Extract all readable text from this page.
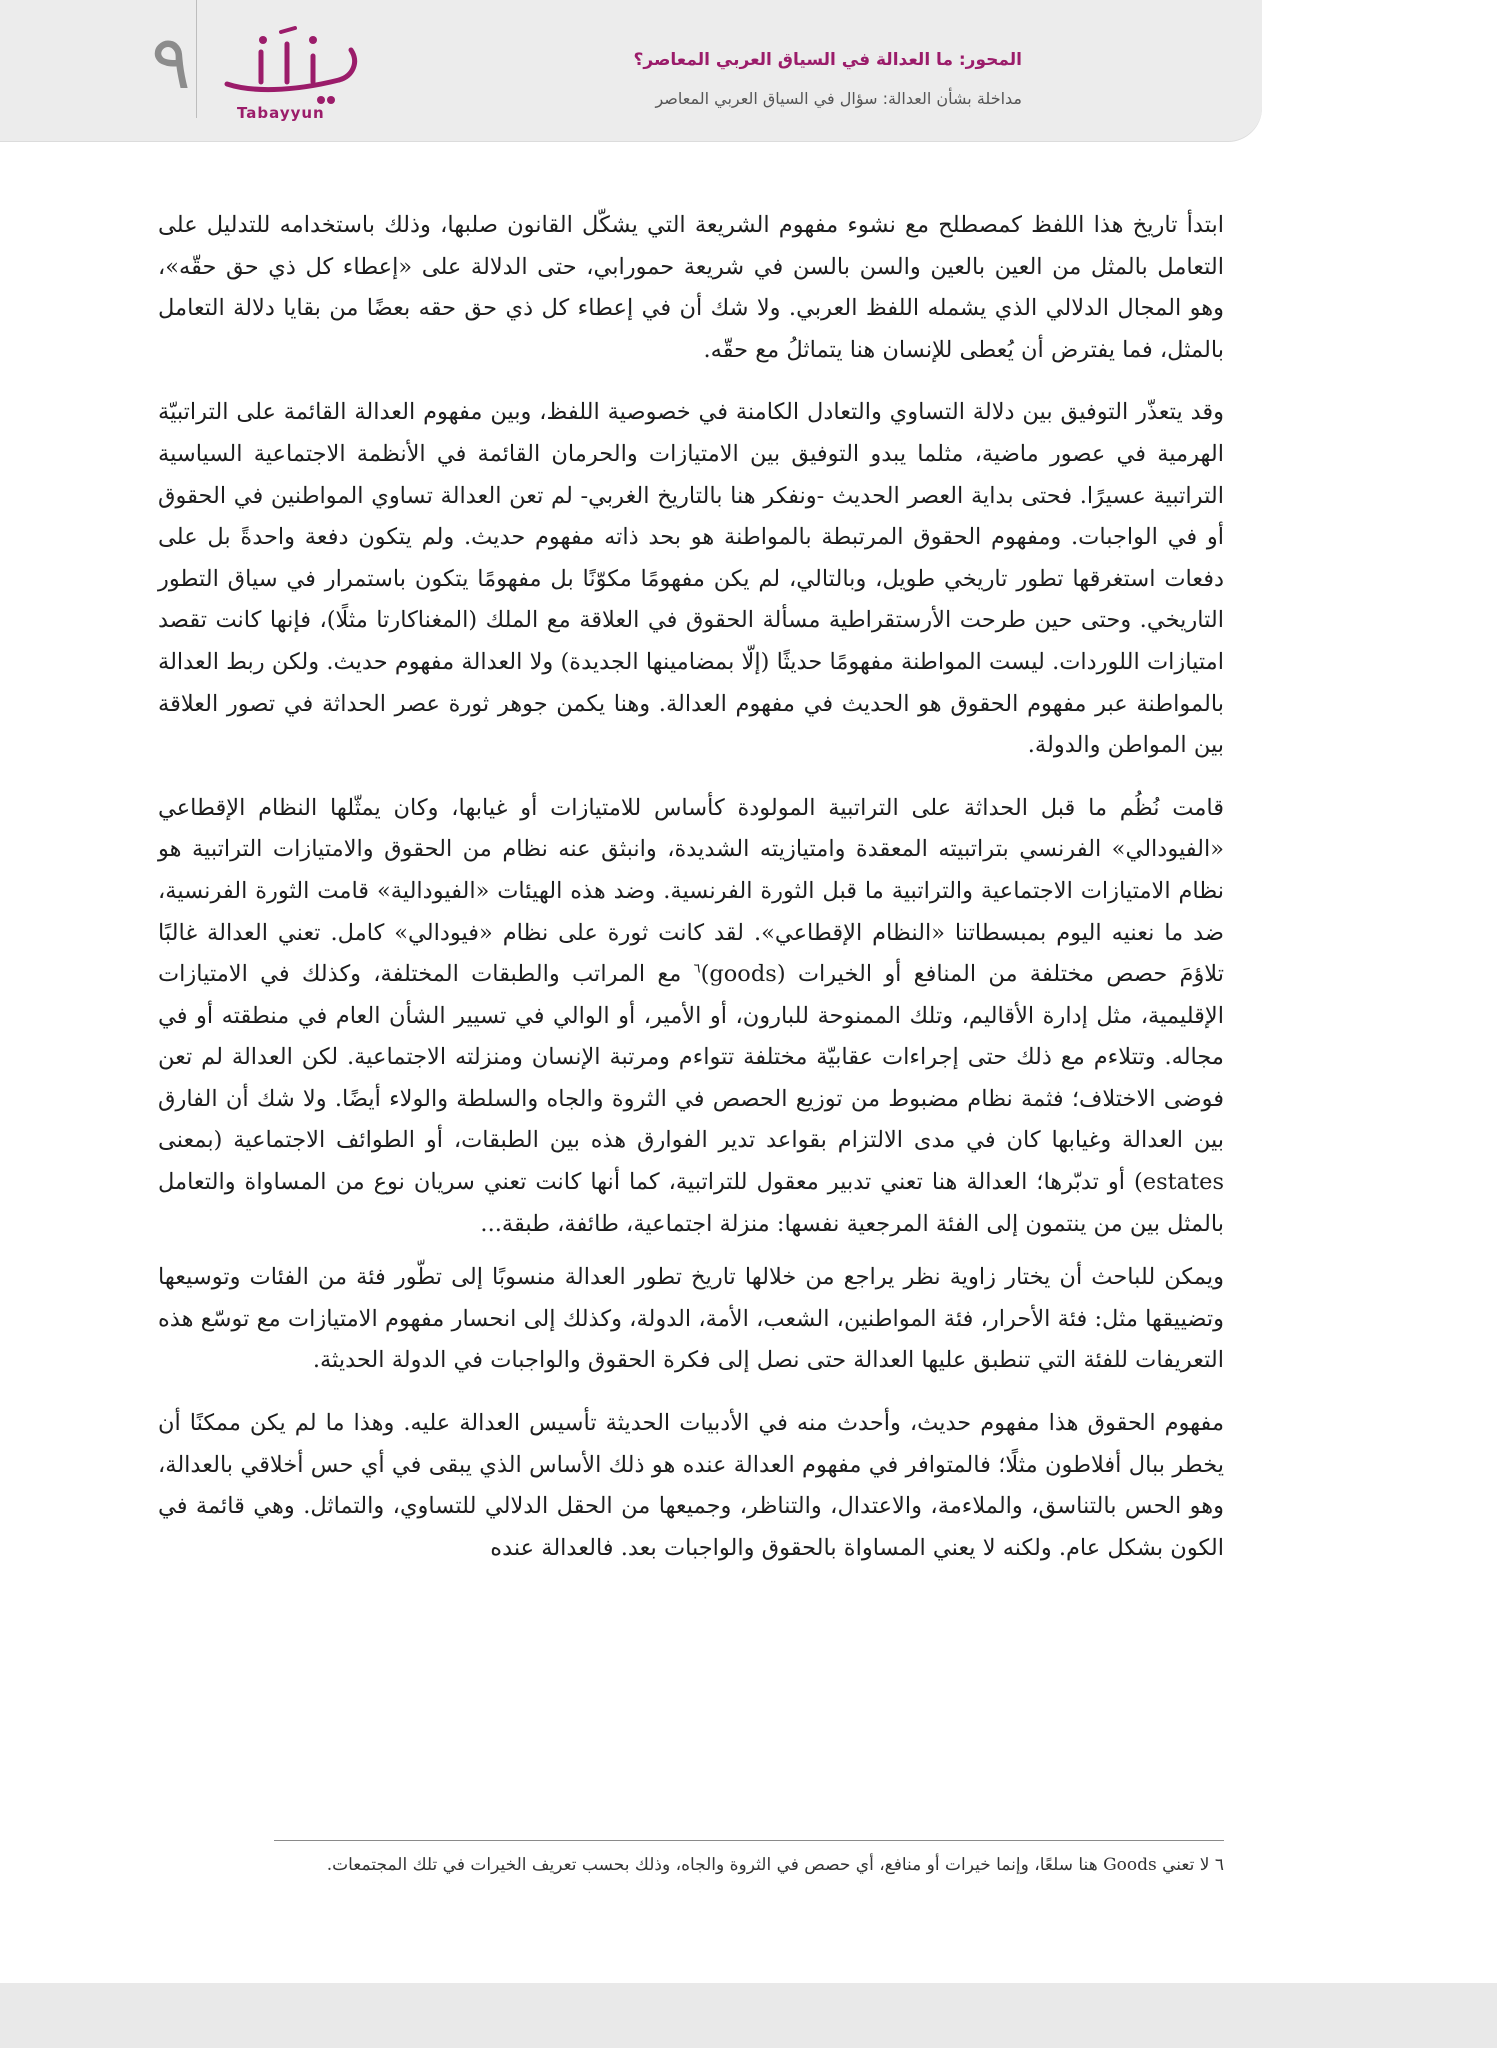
٩
Tabayyun
المحور: ما العدالة في السياق العربي المعاصر؟
مداخلة بشأن العدالة: سؤال في السياق العربي المعاصر

ابتدأ تاريخ هذا اللفظ كمصطلح مع نشوء مفهوم الشريعة التي يشكّل القانون صلبها، وذلك باستخدامه للتدليل على التعامل بالمثل من العين بالعين والسن بالسن في شريعة حمورابي، حتى الدلالة على «إعطاء كل ذي حق حقّه»، وهو المجال الدلالي الذي يشمله اللفظ العربي. ولا شك أن في إعطاء كل ذي حق حقه بعضًا من بقايا دلالة التعامل بالمثل، فما يفترض أن يُعطى للإنسان هنا يتماثلُ مع حقّه.

وقد يتعذّر التوفيق بين دلالة التساوي والتعادل الكامنة في خصوصية اللفظ، وبين مفهوم العدالة القائمة على التراتبيّة الهرمية في عصور ماضية، مثلما يبدو التوفيق بين الامتيازات والحرمان القائمة في الأنظمة الاجتماعية السياسية التراتبية عسيرًا. فحتى بداية العصر الحديث -ونفكر هنا بالتاريخ الغربي- لم تعن العدالة تساوي المواطنين في الحقوق أو في الواجبات. ومفهوم الحقوق المرتبطة بالمواطنة هو بحد ذاته مفهوم حديث. ولم يتكون دفعة واحدةً بل على دفعات استغرقها تطور تاريخي طويل، وبالتالي، لم يكن مفهومًا مكوّنًا بل مفهومًا يتكون باستمرار في سياق التطور التاريخي. وحتى حين طرحت الأرستقراطية مسألة الحقوق في العلاقة مع الملك (المغناكارتا مثلًا)، فإنها كانت تقصد امتيازات اللوردات. ليست المواطنة مفهومًا حديثًا (إلّا بمضامينها الجديدة) ولا العدالة مفهوم حديث. ولكن ربط العدالة بالمواطنة عبر مفهوم الحقوق هو الحديث في مفهوم العدالة. وهنا يكمن جوهر ثورة عصر الحداثة في تصور العلاقة بين المواطن والدولة.

قامت نُظُم ما قبل الحداثة على التراتبية المولودة كأساس للامتيازات أو غيابها، وكان يمثّلها النظام الإقطاعي «الفيودالي» الفرنسي بتراتبيته المعقدة وامتيازيته الشديدة، وانبثق عنه نظام من الحقوق والامتيازات التراتبية هو نظام الامتيازات الاجتماعية والتراتبية ما قبل الثورة الفرنسية. وضد هذه الهيئات «الفيودالية» قامت الثورة الفرنسية، ضد ما نعنيه اليوم بمبسطاتنا «النظام الإقطاعي». لقد كانت ثورة على نظام «فيودالي» كامل. تعني العدالة غالبًا تلاؤمَ حصص مختلفة من المنافع أو الخيرات (goods)$^٦$ مع المراتب والطبقات المختلفة، وكذلك في الامتيازات الإقليمية، مثل إدارة الأقاليم، وتلك الممنوحة للبارون، أو الأمير، أو الوالي في تسيير الشأن العام في منطقته أو في مجاله. وتتلاءم مع ذلك حتى إجراءات عقابيّة مختلفة تتواءم ومرتبة الإنسان ومنزلته الاجتماعية. لكن العدالة لم تعن فوضى الاختلاف؛ فثمة نظام مضبوط من توزيع الحصص في الثروة والجاه والسلطة والولاء أيضًا. ولا شك أن الفارق بين العدالة وغيابها كان في مدى الالتزام بقواعد تدير الفوارق هذه بين الطبقات، أو الطوائف الاجتماعية (بمعنى estates) أو تدبّرها؛ العدالة هنا تعني تدبير معقول للتراتبية، كما أنها كانت تعني سريان نوع من المساواة والتعامل بالمثل بين من ينتمون إلى الفئة المرجعية نفسها: منزلة اجتماعية، طائفة، طبقة...

ويمكن للباحث أن يختار زاوية نظر يراجع من خلالها تاريخ تطور العدالة منسوبًا إلى تطّور فئة من الفئات وتوسيعها وتضييقها مثل: فئة الأحرار، فئة المواطنين، الشعب، الأمة، الدولة، وكذلك إلى انحسار مفهوم الامتيازات مع توسّع هذه التعريفات للفئة التي تنطبق عليها العدالة حتى نصل إلى فكرة الحقوق والواجبات في الدولة الحديثة.

مفهوم الحقوق هذا مفهوم حديث، وأحدث منه في الأدبيات الحديثة تأسيس العدالة عليه. وهذا ما لم يكن ممكنًا أن يخطر ببال أفلاطون مثلًا؛ فالمتوافر في مفهوم العدالة عنده هو ذلك الأساس الذي يبقى في أي حس أخلاقي بالعدالة، وهو الحس بالتناسق، والملاءمة، والاعتدال، والتناظر، وجميعها من الحقل الدلالي للتساوي، والتماثل. وهي قائمة في الكون بشكل عام. ولكنه لا يعني المساواة بالحقوق والواجبات بعد. فالعدالة عنده

٦ لا تعني Goods هنا سلعًا، وإنما خيرات أو منافع، أي حصص في الثروة والجاه، وذلك بحسب تعريف الخيرات في تلك المجتمعات.
